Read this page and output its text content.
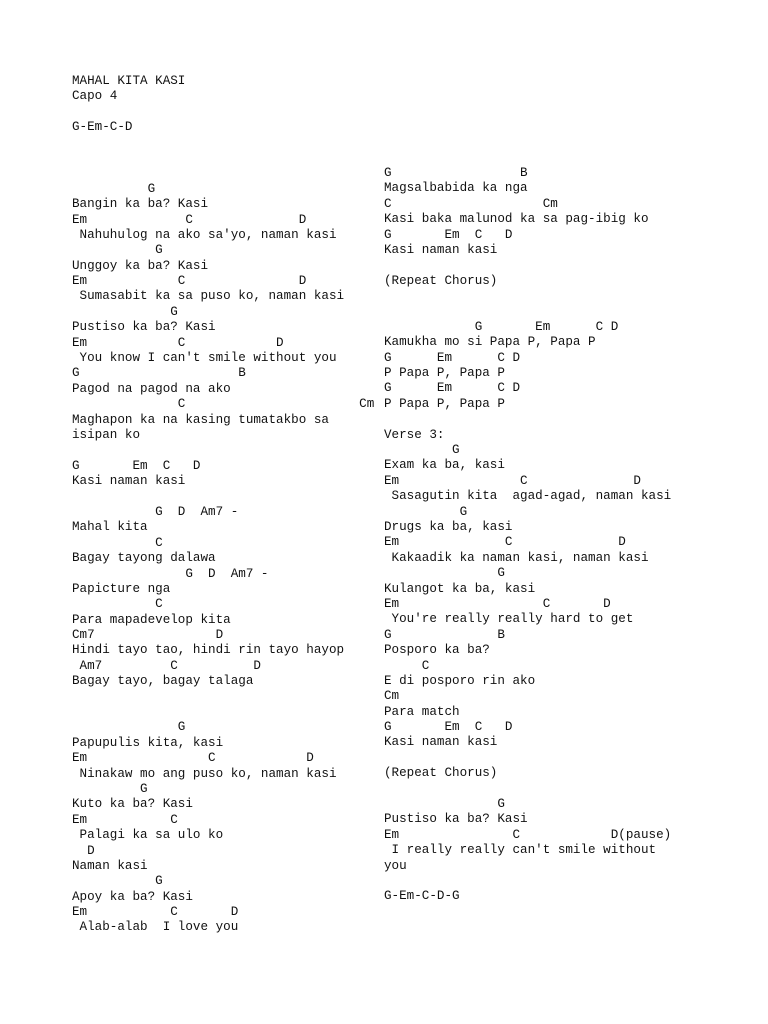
MAHAL KITA KASI
Capo 4
G-Em-C-D
G
Bangin ka ba? Kasi
Em             C              D
Nahuhulog na ako sa'yo, naman kasi
G
Unggoy ka ba? Kasi
Em            C               D
Sumasabit ka sa puso ko, naman kasi
G
Pustiso ka ba? Kasi
Em            C            D
You know I can't smile without you
G                     B
Pagod na pagod na ako
C                       Cm
Maghapon ka na kasing tumatakbo sa
isipan ko
G       Em  C   D
Kasi naman kasi
G  D  Am7 -
Mahal kita
C
Bagay tayong dalawa
G  D  Am7 -
Papicture nga
C
Para mapadevelop kita
Cm7                D
Hindi tayo tao, hindi rin tayo hayop
Am7         C          D
Bagay tayo, bagay talaga
G
Papupulis kita, kasi
Em                C            D
Ninakaw mo ang puso ko, naman kasi
G
Kuto ka ba? Kasi
Em           C
Palagi ka sa ulo ko
D
Naman kasi
G
Apoy ka ba? Kasi
Em           C       D
Alab-alab  I love you
G                 B
Magsalbabida ka nga
C                    Cm
Kasi baka malunod ka sa pag-ibig ko
G       Em  C   D
Kasi naman kasi
(Repeat Chorus)
G       Em      C D
Kamukha mo si Papa P, Papa P
G      Em      C D
P Papa P, Papa P
G      Em      C D
P Papa P, Papa P
Verse 3:
G
Exam ka ba, kasi
Em                C              D
Sasagutin kita  agad-agad, naman kasi
G
Drugs ka ba, kasi
Em              C              D
Kakaadik ka naman kasi, naman kasi
G
Kulangot ka ba, kasi
Em                   C       D
You're really really hard to get
G              B
Posporo ka ba?
C
E di posporo rin ako
Cm
Para match
G       Em  C   D
Kasi naman kasi
(Repeat Chorus)
G
Pustiso ka ba? Kasi
Em               C            D(pause)
I really really can't smile without
you
G-Em-C-D-G
